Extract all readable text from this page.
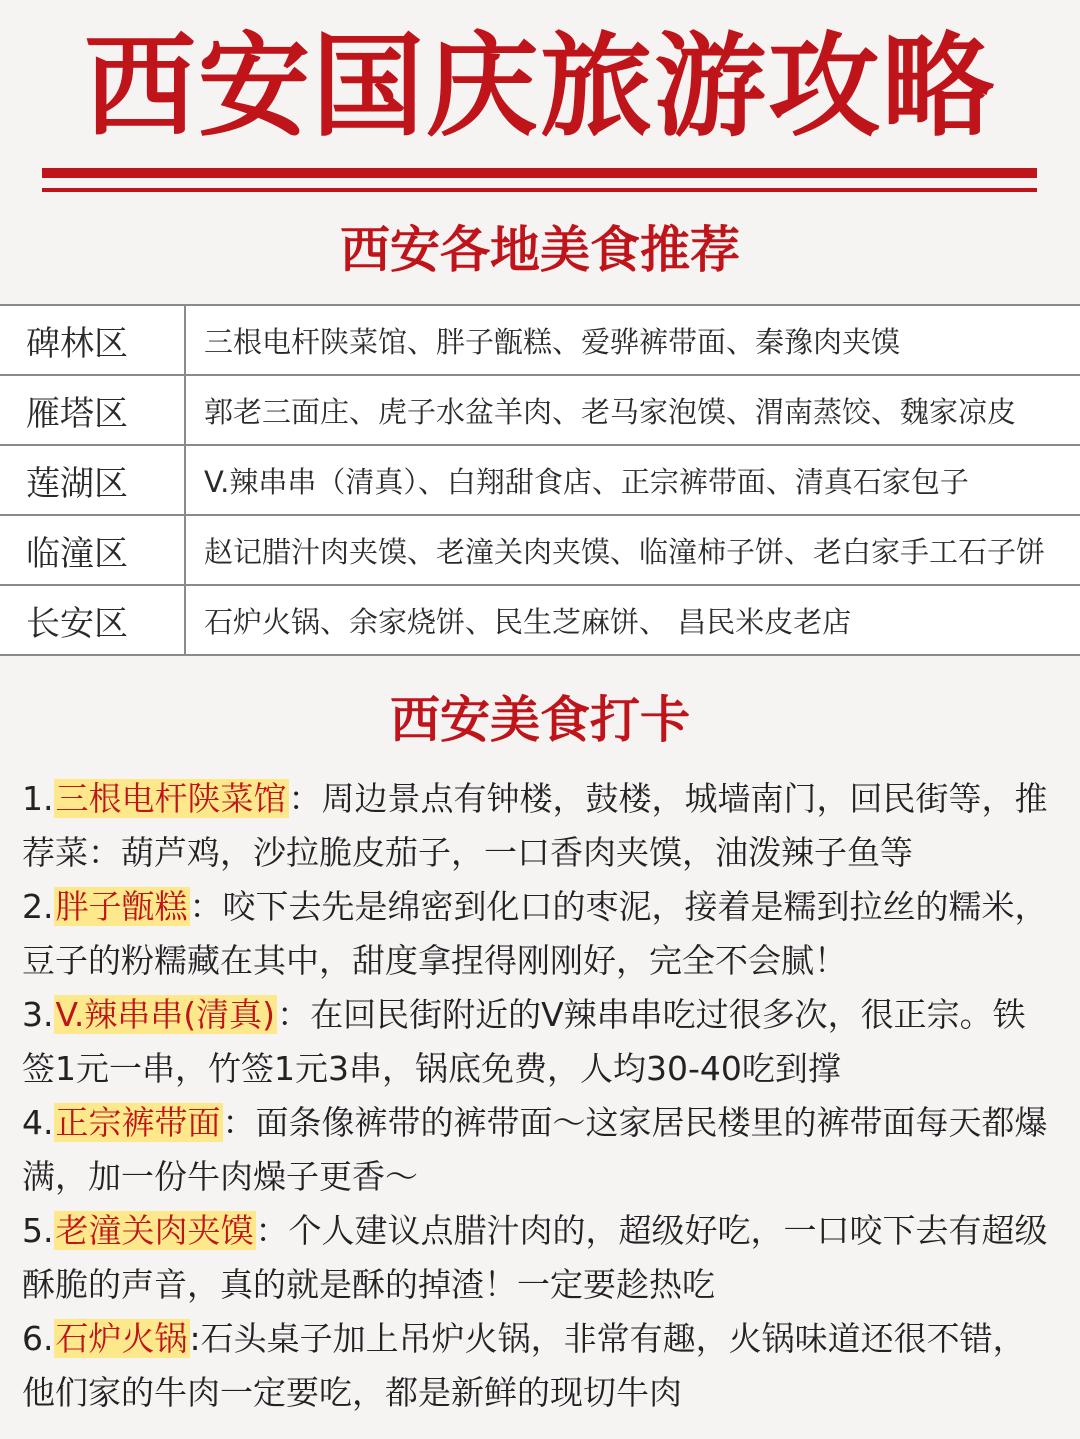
西安国庆旅游攻略
西安各地美食推荐
碑林区	三根电杆陕菜馆、胖子甑糕、爱骅裤带面、秦豫肉夹馍
雁塔区	郭老三面庄、虎子水盆羊肉、老马家泡馍、渭南蒸饺、魏家凉皮
莲湖区	V.辣串串（清真）、白翔甜食店、正宗裤带面、清真石家包子
临潼区	赵记腊汁肉夹馍、老潼关肉夹馍、临潼柿子饼、老白家手工石子饼
长安区	石炉火锅、余家烧饼、民生芝麻饼、 昌民米皮老店
西安美食打卡
1.三根电杆陕菜馆：周边景点有钟楼，鼓楼，城墙南门，回民街等，推荐菜：葫芦鸡，沙拉脆皮茄子，一口香肉夹馍，油泼辣子鱼等
2.胖子甑糕：咬下去先是绵密到化口的枣泥，接着是糯到拉丝的糯米，豆子的粉糯藏在其中，甜度拿捏得刚刚好，完全不会腻！
3.V.辣串串(清真)：在回民街附近的V辣串串吃过很多次，很正宗。铁签1元一串，竹签1元3串，锅底免费，人均30-40吃到撑
4.正宗裤带面：面条像裤带的裤带面～这家居民楼里的裤带面每天都爆满，加一份牛肉燥子更香～
5.老潼关肉夹馍：个人建议点腊汁肉的，超级好吃，一口咬下去有超级酥脆的声音，真的就是酥的掉渣！一定要趁热吃
6.石炉火锅:石头桌子加上吊炉火锅，非常有趣，火锅味道还很不错，他们家的牛肉一定要吃，都是新鲜的现切牛肉
